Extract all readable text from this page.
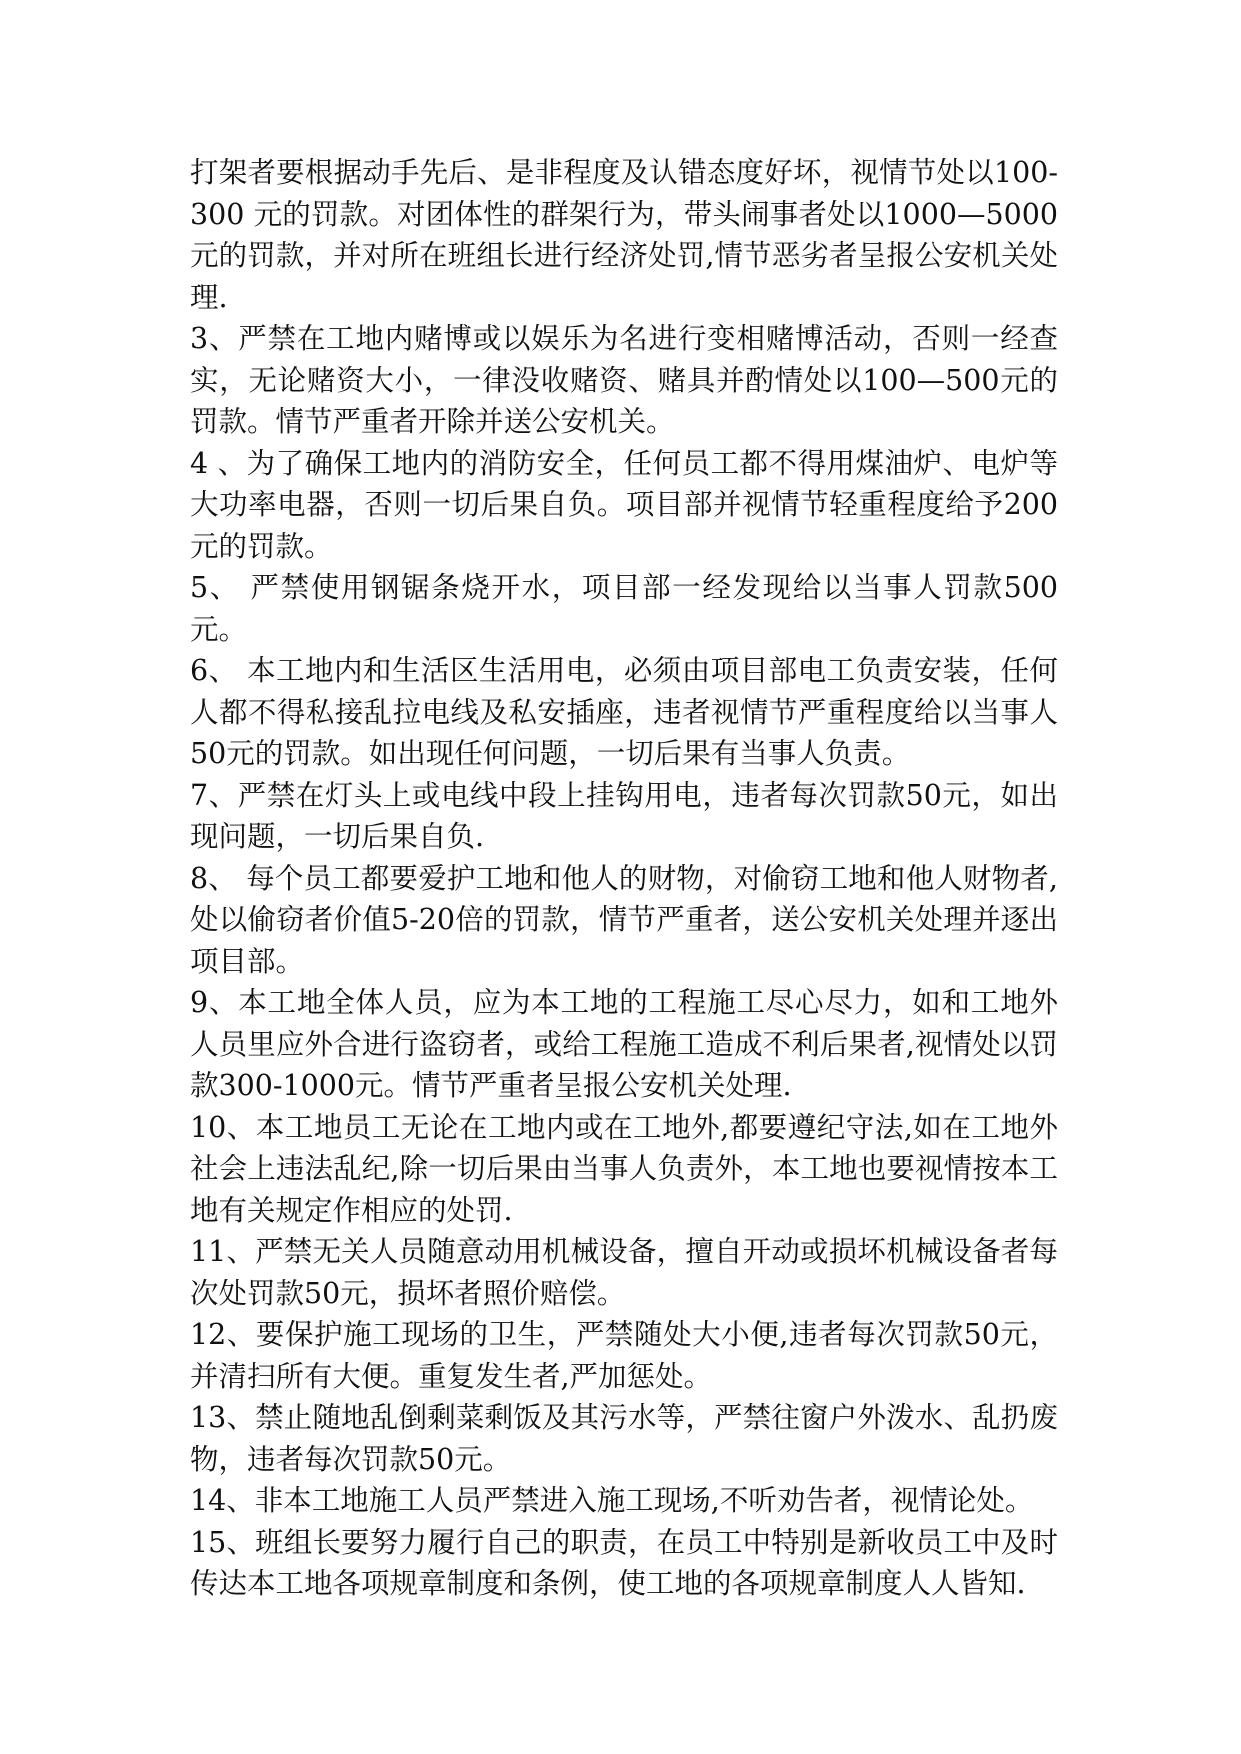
打架者要根据动手先后、是非程度及认错态度好坏，视情节处以100-300 元的罚款。对团体性的群架行为，带头闹事者处以1000—5000元的罚款，并对所在班组长进行经济处罚,情节恶劣者呈报公安机关处理.

3、严禁在工地内赌博或以娱乐为名进行变相赌博活动，否则一经查实，无论赌资大小，一律没收赌资、赌具并酌情处以100—500元的罚款。情节严重者开除并送公安机关。

4 、为了确保工地内的消防安全，任何员工都不得用煤油炉、电炉等大功率电器，否则一切后果自负。项目部并视情节轻重程度给予200元的罚款。

5、 严禁使用钢锯条烧开水，项目部一经发现给以当事人罚款500元。

6、 本工地内和生活区生活用电，必须由项目部电工负责安装，任何人都不得私接乱拉电线及私安插座，违者视情节严重程度给以当事人50元的罚款。如出现任何问题，一切后果有当事人负责。

7、严禁在灯头上或电线中段上挂钩用电，违者每次罚款50元，如出现问题，一切后果自负.

8、 每个员工都要爱护工地和他人的财物，对偷窃工地和他人财物者,处以偷窃者价值5-20倍的罚款，情节严重者，送公安机关处理并逐出项目部。

9、本工地全体人员，应为本工地的工程施工尽心尽力，如和工地外人员里应外合进行盗窃者，或给工程施工造成不利后果者,视情处以罚款300-1000元。情节严重者呈报公安机关处理.

10、本工地员工无论在工地内或在工地外,都要遵纪守法,如在工地外社会上违法乱纪,除一切后果由当事人负责外，本工地也要视情按本工地有关规定作相应的处罚.

11、严禁无关人员随意动用机械设备，擅自开动或损坏机械设备者每次处罚款50元，损坏者照价赔偿。

12、要保护施工现场的卫生，严禁随处大小便,违者每次罚款50元，并清扫所有大便。重复发生者,严加惩处。

13、禁止随地乱倒剩菜剩饭及其污水等，严禁往窗户外泼水、乱扔废物，违者每次罚款50元。

14、非本工地施工人员严禁进入施工现场,不听劝告者，视情论处。

15、班组长要努力履行自己的职责，在员工中特别是新收员工中及时传达本工地各项规章制度和条例，使工地的各项规章制度人人皆知.
